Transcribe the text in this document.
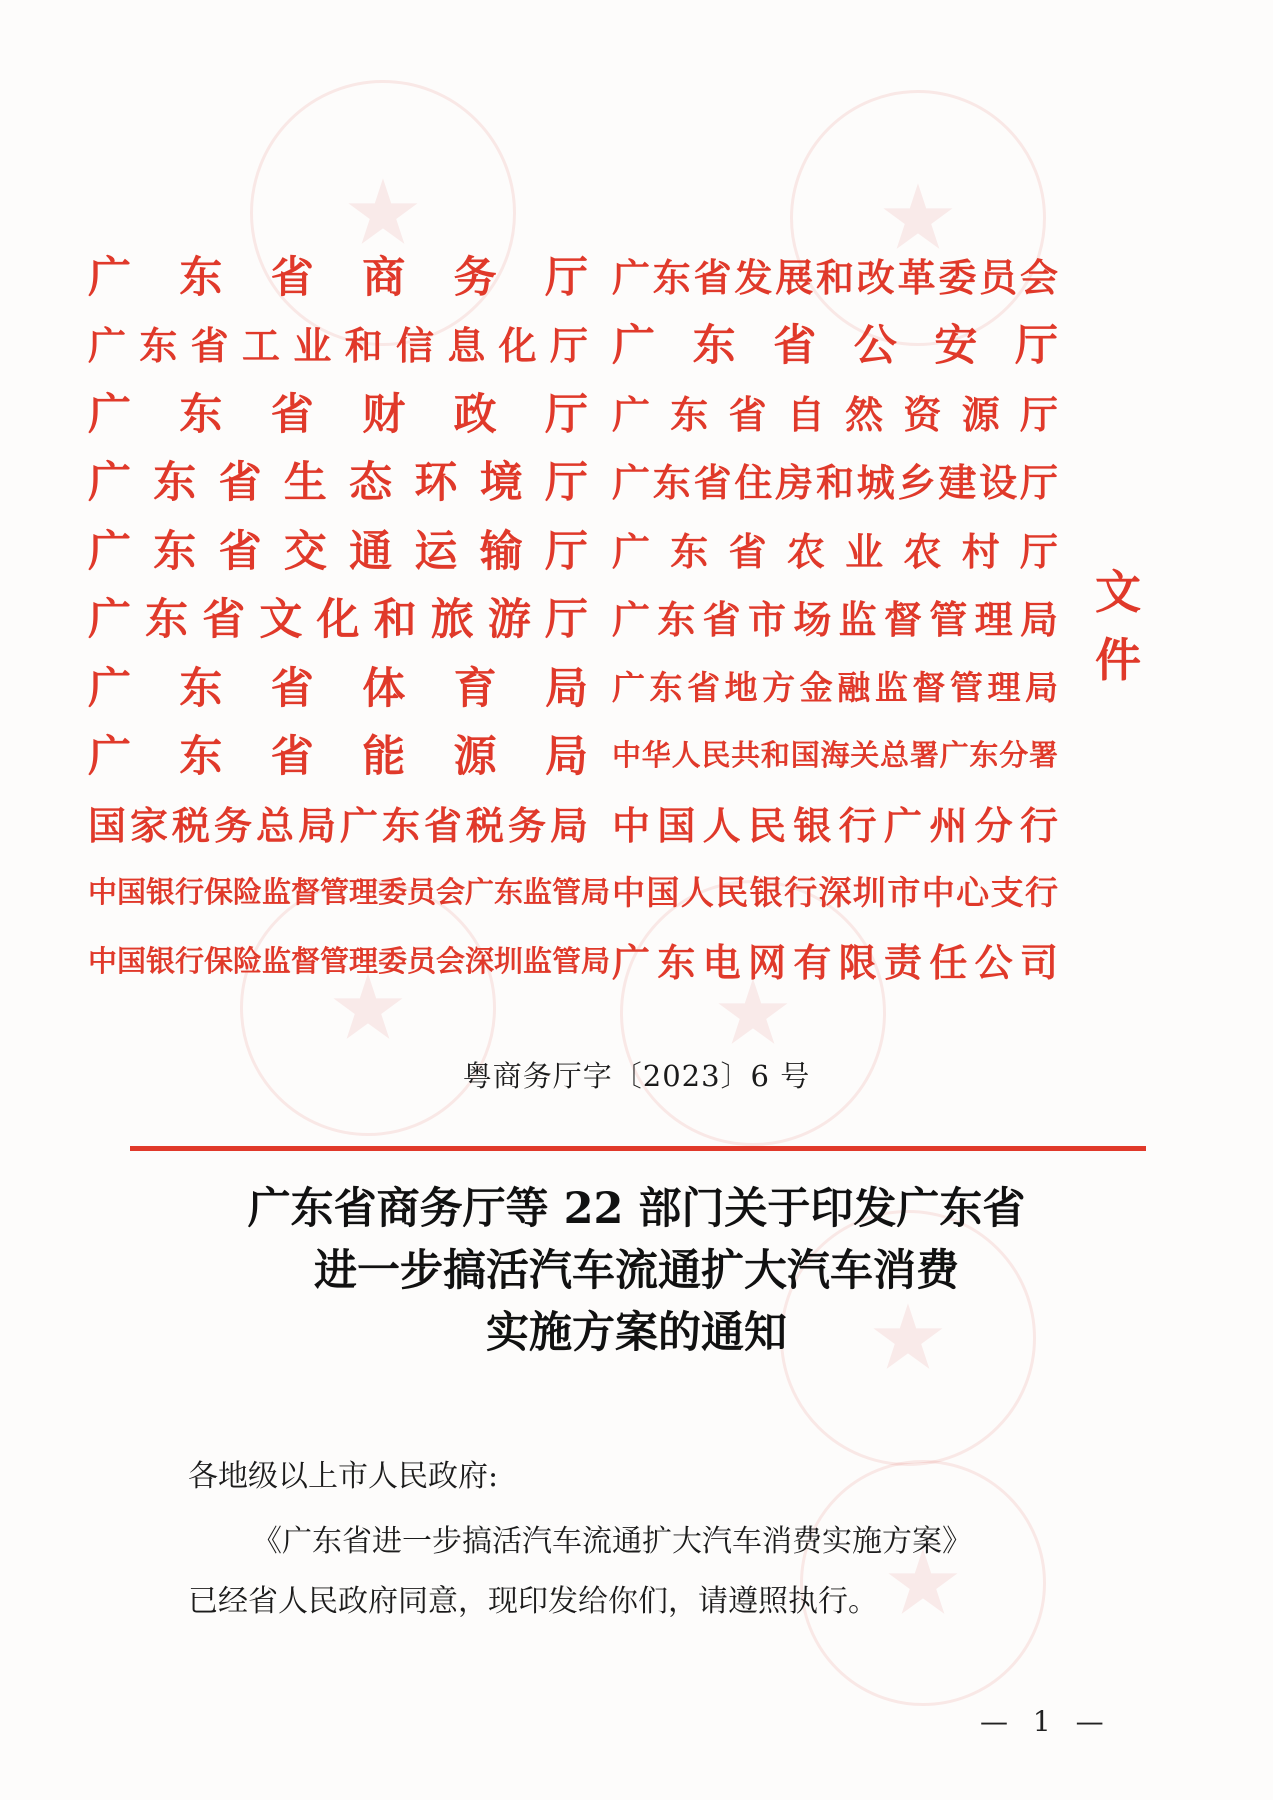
★
★
★
★
★
★
广东省商务厅 广东省发展和改革委员会
广东省工业和信息化厅 广东省公安厅
广东省财政厅 广东省自然资源厅
广东省生态环境厅 广东省住房和城乡建设厅
广东省交通运输厅 广东省农业农村厅
广东省文化和旅游厅 广东省市场监督管理局
广东省体育局 广东省地方金融监督管理局
广东省能源局 中华人民共和国海关总署广东分署
国家税务总局广东省税务局 中国人民银行广州分行
中国银行保险监督管理委员会广东监管局 中国人民银行深圳市中心支行
中国银行保险监督管理委员会深圳监管局 广东电网有限责任公司
文件
粤商务厅字〔2023〕6 号
广东省商务厅等 22 部门关于印发广东省
进一步搞活汽车流通扩大汽车消费
实施方案的通知
各地级以上市人民政府:
《广东省进一步搞活汽车流通扩大汽车消费实施方案》
已经省人民政府同意，现印发给你们，请遵照执行。
— 1 —
